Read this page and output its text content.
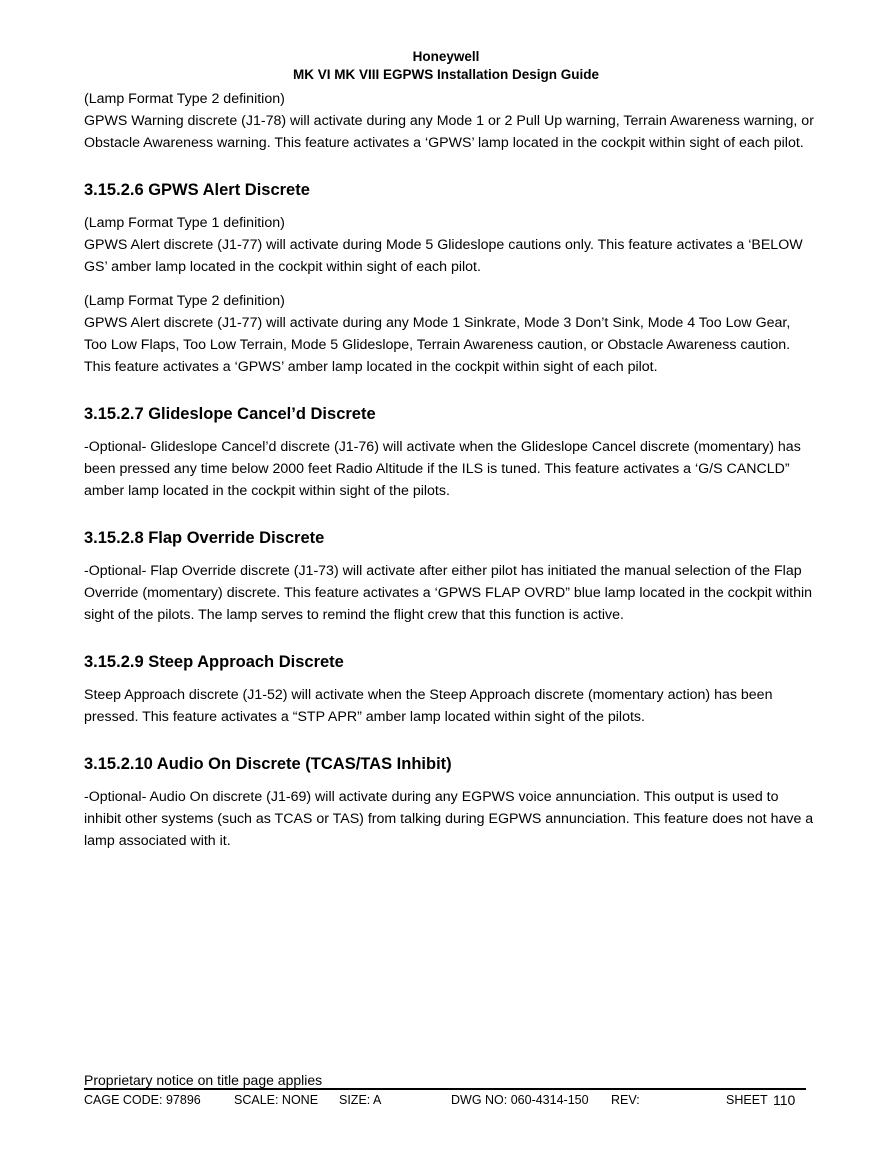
Honeywell
MK VI MK VIII EGPWS Installation Design Guide

(Lamp Format Type 2 definition)

GPWS Warning discrete (J1-78) will activate during any Mode 1 or 2 Pull Up warning, Terrain Awareness warning, or Obstacle Awareness warning. This feature activates a ‘GPWS’ lamp located in the cockpit within sight of each pilot.

3.15.2.6 GPWS Alert Discrete

(Lamp Format Type 1 definition)

GPWS Alert discrete (J1-77) will activate during Mode 5 Glideslope cautions only. This feature activates a ‘BELOW GS’ amber lamp located in the cockpit within sight of each pilot.

(Lamp Format Type 2 definition)

GPWS Alert discrete (J1-77) will activate during any Mode 1 Sinkrate, Mode 3 Don’t Sink, Mode 4 Too Low Gear, Too Low Flaps, Too Low Terrain, Mode 5 Glideslope, Terrain Awareness caution, or Obstacle Awareness caution. This feature activates a ‘GPWS’ amber lamp located in the cockpit within sight of each pilot.

3.15.2.7 Glideslope Cancel’d Discrete

-Optional- Glideslope Cancel’d discrete (J1-76) will activate when the Glideslope Cancel discrete (momentary) has been pressed any time below 2000 feet Radio Altitude if the ILS is tuned. This feature activates a ‘G/S CANCLD” amber lamp located in the cockpit within sight of the pilots.

3.15.2.8 Flap Override Discrete

-Optional- Flap Override discrete (J1-73) will activate after either pilot has initiated the manual selection of the Flap Override (momentary) discrete. This feature activates a ‘GPWS FLAP OVRD” blue lamp located in the cockpit within sight of the pilots. The lamp serves to remind the flight crew that this function is active.

3.15.2.9 Steep Approach Discrete

Steep Approach discrete (J1-52) will activate when the Steep Approach discrete (momentary action) has been pressed. This feature activates a “STP APR” amber lamp located within sight of the pilots.

3.15.2.10 Audio On Discrete (TCAS/TAS Inhibit)

-Optional- Audio On discrete (J1-69) will activate during any EGPWS voice annunciation. This output is used to inhibit other systems (such as TCAS or TAS) from talking during EGPWS annunciation. This feature does not have a lamp associated with it.

Proprietary notice on title page applies
CAGE CODE: 97896	SCALE: NONE SIZE: A	DWG NO: 060-4314-150 REV:	SHEET 110
